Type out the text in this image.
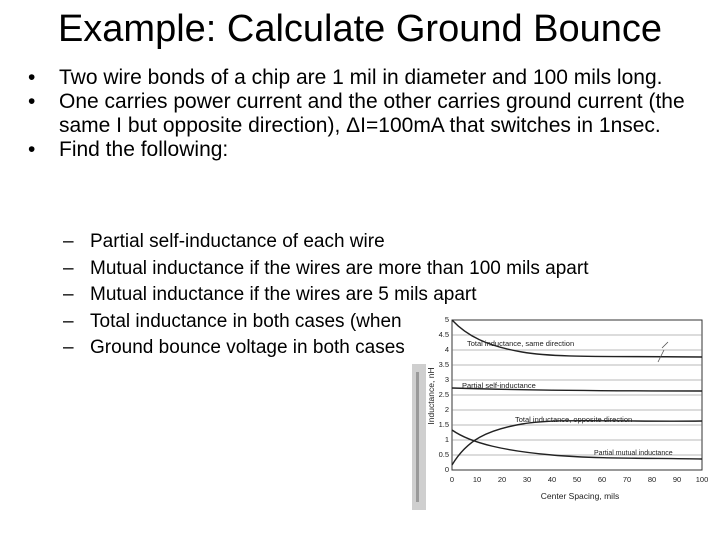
Example: Calculate Ground Bounce
•	Two wire bonds of a chip are 1 mil in diameter and 100 mils long.
•	One carries power current and the other carries ground current (the same I but opposite direction), ΔI=100mA that switches in 1nsec.
•	Find the following:
– Partial self-inductance of each wire
– Mutual inductance if the wires are more than 100 mils apart
– Mutual inductance if the wires are 5 mils apart
– Total inductance in both cases (when
– Ground bounce voltage in both cases	Total inductance, same direction
Partial self-inductance
Total inductance, opposite direction
Partial mutual inductance
0
0.5
1
1.5
2
2.5
3
3.5
4
4.5
5
Inductance, nH
0 10 20 30 40 50 60 70 80 90 100
Center Spacing, mils
